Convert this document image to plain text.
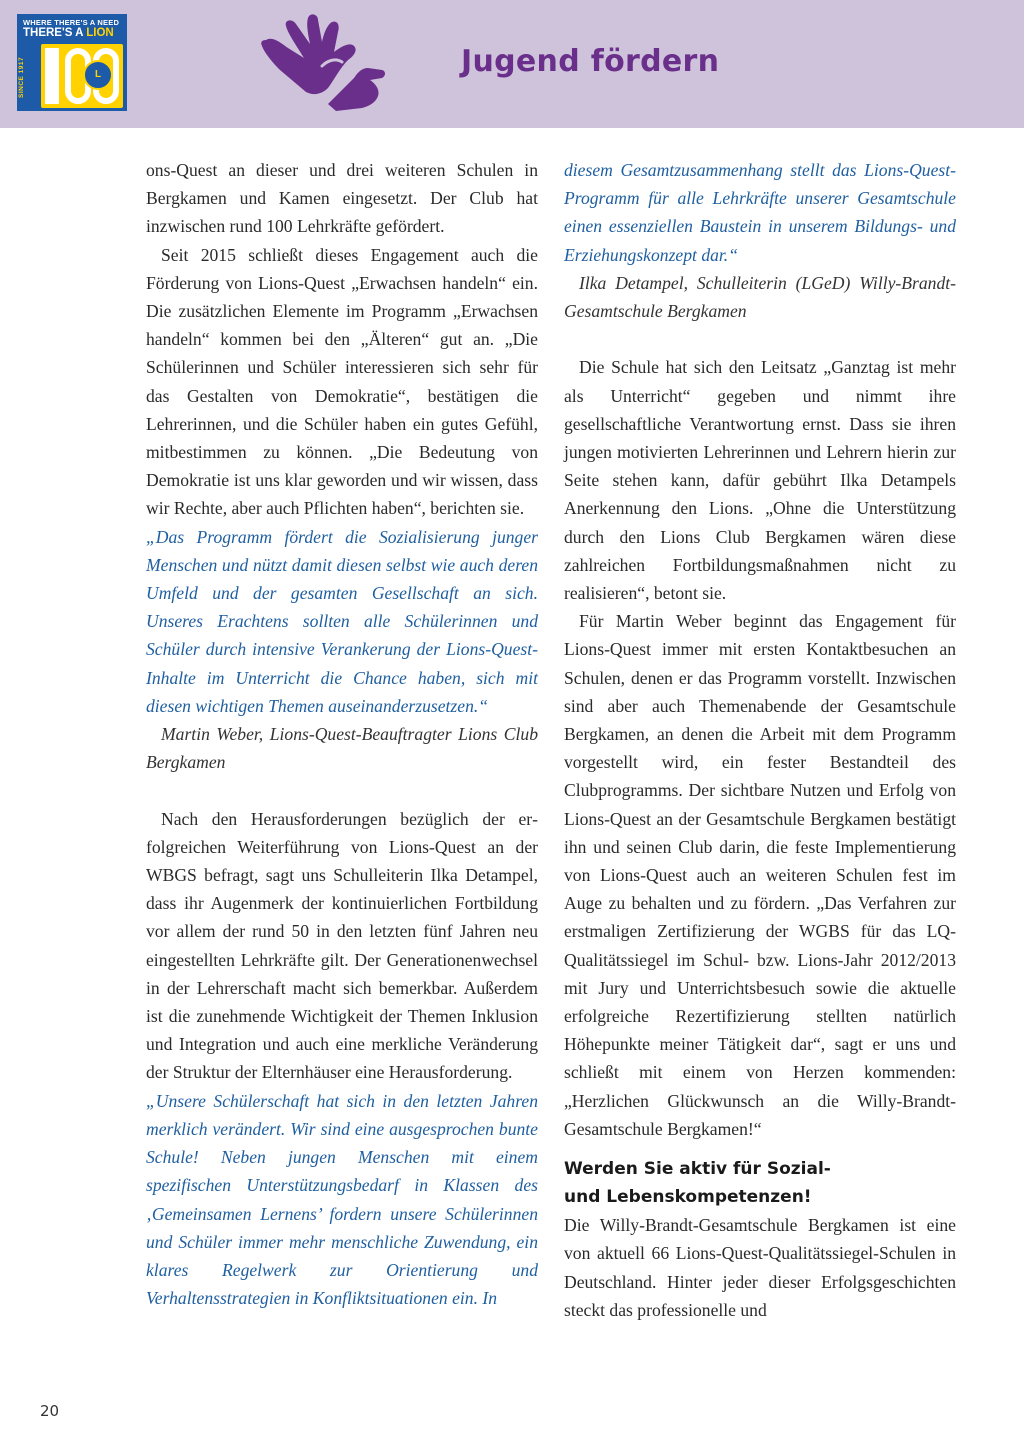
WHERE THERE'S A NEED
THERE'S A LION
SINCE 1917	L	Jugend fördern

ons-Quest an dieser und drei weiteren Schulen in Bergkamen und Kamen eingesetzt. Der Club hat inzwischen rund 100 Lehrkräfte gefördert.

Seit 2015 schließt dieses Engagement auch die Förderung von Lions-Quest „Erwachsen handeln“ ein. Die zusätzlichen Elemente im Programm „Erwachsen handeln“ kommen bei den „Älteren“ gut an. „Die Schülerinnen und Schüler interessieren sich sehr für das Gestalten von Demokratie“, bestätigen die Lehrerinnen, und die Schüler haben ein gutes Gefühl, mitbestimmen zu können. „Die Bedeutung von Demokratie ist uns klar geworden und wir wissen, dass wir Rechte, aber auch Pflichten haben“, berichten sie.

„Das Programm fördert die Sozialisierung junger Menschen und nützt damit diesen selbst wie auch deren Umfeld und der gesamten Gesellschaft an sich. Unseres Erachtens sollten alle Schülerinnen und Schüler durch intensive Verankerung der Lions-Quest-Inhalte im Unterricht die Chance haben, sich mit diesen wichtigen Themen auseinanderzusetzen.“

Martin Weber, Lions-Quest-Beauftragter Lions Club Bergkamen

Nach den Herausforderungen bezüglich der erfolgreichen Weiterführung von Lions-Quest an der WBGS befragt, sagt uns Schulleiterin Ilka Detampel, dass ihr Augenmerk der kontinuierlichen Fortbildung vor allem der rund 50 in den letzten fünf Jahren neu eingestellten Lehrkräfte gilt. Der Generationenwechsel in der Lehrerschaft macht sich bemerkbar. Außerdem ist die zunehmende Wichtigkeit der Themen Inklusion und Integration und auch eine merkliche Veränderung der Struktur der Elternhäuser eine Herausforderung.

„Unsere Schülerschaft hat sich in den letzten Jahren merklich verändert. Wir sind eine ausgesprochen bunte Schule! Neben jungen Menschen mit einem spezifischen Unterstützungsbedarf in Klassen des ‚Gemeinsamen Lernens’ fordern unsere Schülerinnen und Schüler immer mehr menschliche Zuwendung, ein klares Regelwerk zur Orientierung und Verhaltensstrategien in Konfliktsituationen ein. In

diesem Gesamtzusammenhang stellt das Lions-Quest-Programm für alle Lehrkräfte unserer Gesamtschule einen essenziellen Baustein in unserem Bildungs- und Erziehungskonzept dar.“

Ilka Detampel, Schulleiterin (LGeD) Willy-Brandt-Gesamtschule Bergkamen

Die Schule hat sich den Leitsatz „Ganztag ist mehr als Unterricht“ gegeben und nimmt ihre gesellschaftliche Verantwortung ernst. Dass sie ihren jungen motivierten Lehrerinnen und Lehrern hierin zur Seite stehen kann, dafür gebührt Ilka Detampels Anerkennung den Lions. „Ohne die Unterstützung durch den Lions Club Bergkamen wären diese zahlreichen Fortbildungsmaßnahmen nicht zu realisieren“, betont sie.

Für Martin Weber beginnt das Engagement für Lions-Quest immer mit ersten Kontaktbesuchen an Schulen, denen er das Programm vorstellt. Inzwischen sind aber auch Themenabende der Gesamtschule Bergkamen, an denen die Arbeit mit dem Programm vorgestellt wird, ein fester Bestandteil des Clubprogramms. Der sichtbare Nutzen und Erfolg von Lions-Quest an der Gesamtschule Bergkamen bestätigt ihn und seinen Club darin, die feste Implementierung von Lions-Quest auch an weiteren Schulen fest im Auge zu behalten und zu fördern. „Das Verfahren zur erstmaligen Zertifizierung der WGBS für das LQ-Qualitätssiegel im Schul- bzw. Lions-Jahr 2012/2013 mit Jury und Unterrichtsbesuch sowie die aktuelle erfolgreiche Rezertifizierung stellten natürlich Höhepunkte meiner Tätigkeit dar“, sagt er uns und schließt mit einem von Herzen kommenden: „Herzlichen Glückwunsch an die Willy-Brandt-Gesamtschule Bergkamen!“

Werden Sie aktiv für Sozial-
und Lebenskompetenzen!

Die Willy-Brandt-Gesamtschule Bergkamen ist eine von aktuell 66 Lions-Quest-Qualitätssiegel-Schulen in Deutschland. Hinter jeder dieser Erfolgsgeschichten steckt das professionelle und

20
